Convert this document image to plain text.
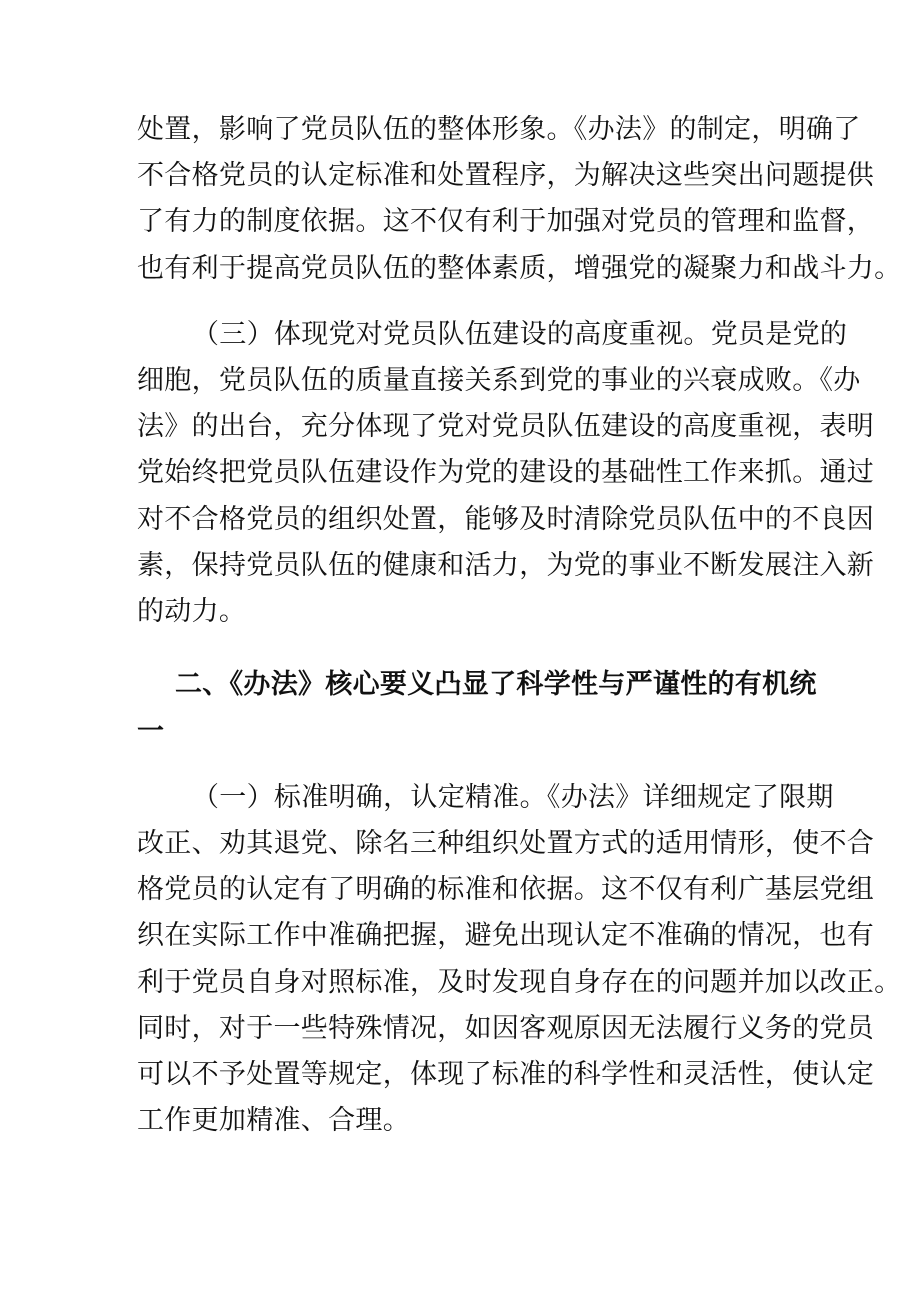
处置，影响了党员队伍的整体形象。《办法》的制定，明确了
不合格党员的认定标准和处置程序，为解决这些突出问题提供
了有力的制度依据。这不仅有利于加强对党员的管理和监督，
也有利于提高党员队伍的整体素质，增强党的凝聚力和战斗力。
（三）体现党对党员队伍建设的高度重视。党员是党的
细胞，党员队伍的质量直接关系到党的事业的兴衰成败。《办
法》的出台，充分体现了党对党员队伍建设的高度重视，表明
党始终把党员队伍建设作为党的建设的基础性工作来抓。通过
对不合格党员的组织处置，能够及时清除党员队伍中的不良因
素，保持党员队伍的健康和活力，为党的事业不断发展注入新
的动力。
二、《办法》核心要义凸显了科学性与严谨性的有机统
一
（一）标准明确，认定精准。《办法》详细规定了限期
改正、劝其退党、除名三种组织处置方式的适用情形，使不合
格党员的认定有了明确的标准和依据。这不仅有利广基层党组
织在实际工作中准确把握，避免出现认定不准确的情况，也有
利于党员自身对照标准，及时发现自身存在的问题并加以改正。
同时，对于一些特殊情况，如因客观原因无法履行义务的党员
可以不予处置等规定，体现了标准的科学性和灵活性，使认定
工作更加精准、合理。
